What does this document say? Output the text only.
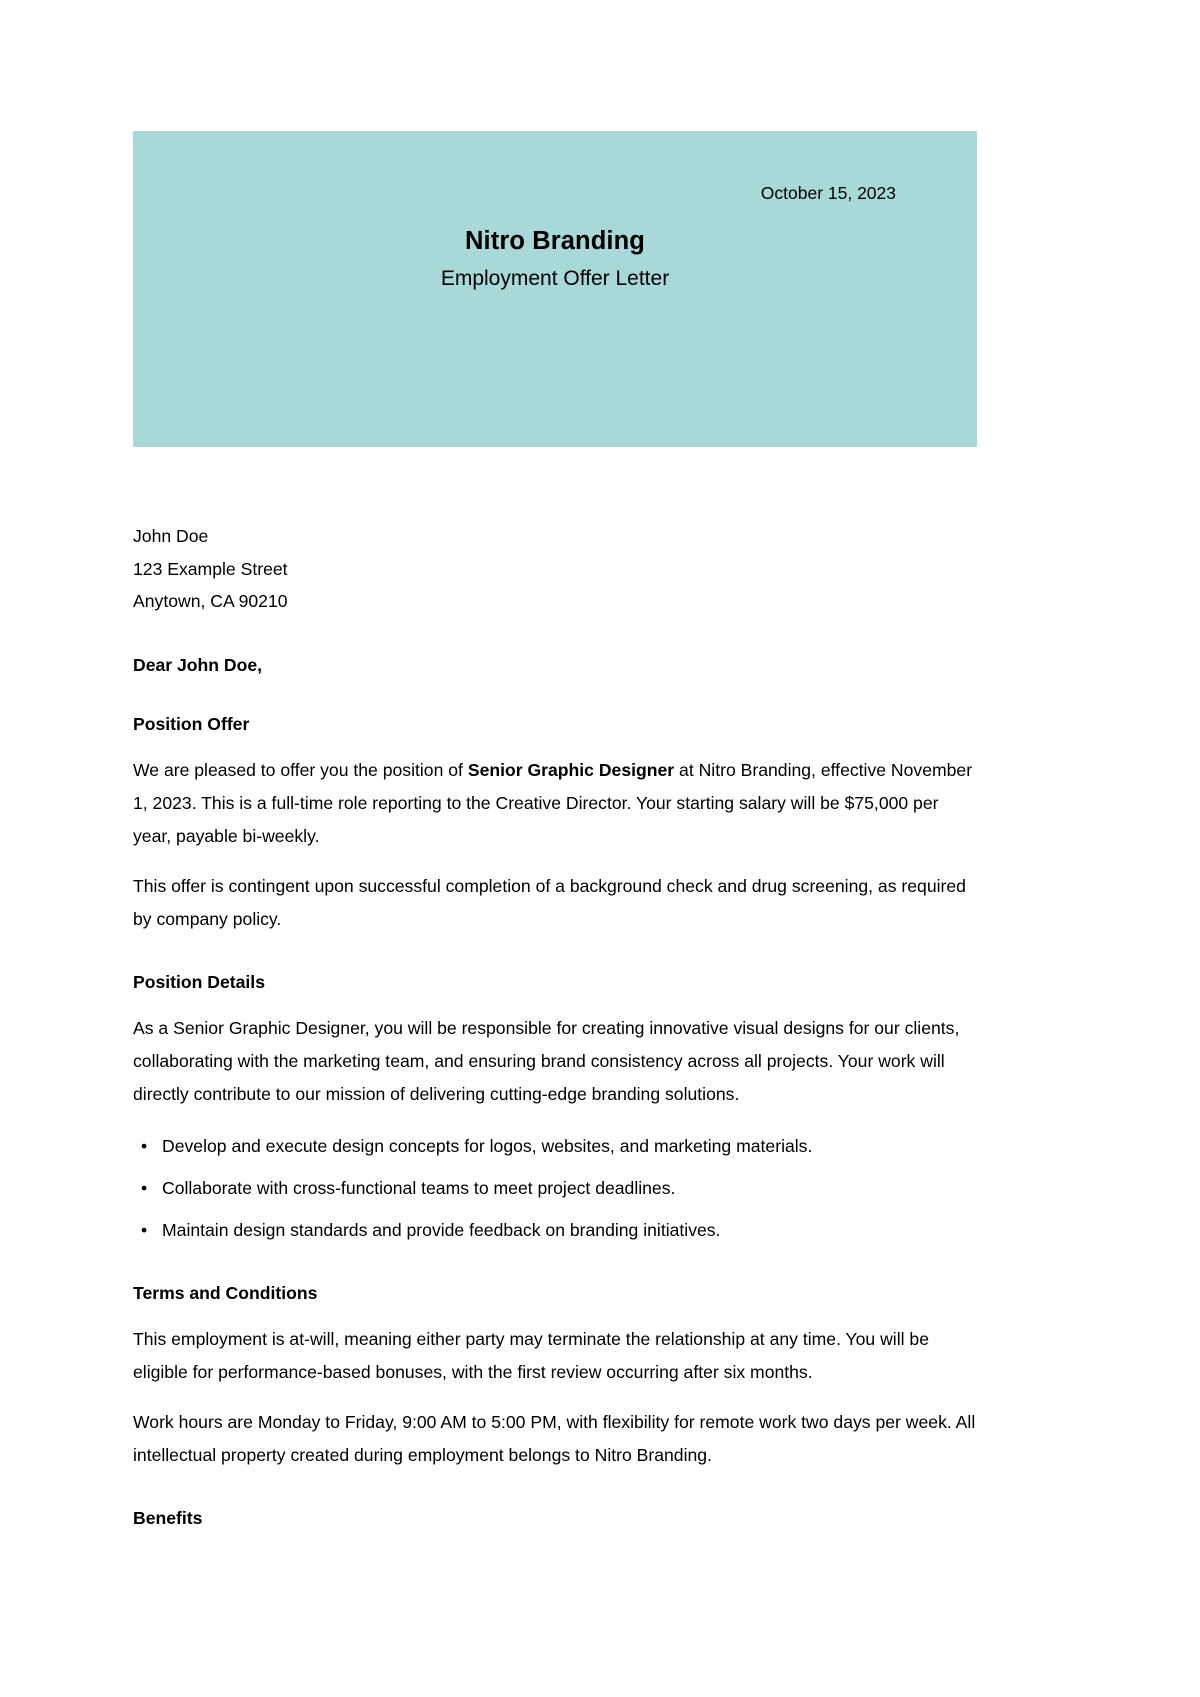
October 15, 2023
Nitro Branding
Employment Offer Letter
John Doe
123 Example Street
Anytown, CA 90210
Dear John Doe,
Position Offer
We are pleased to offer you the position of Senior Graphic Designer at Nitro Branding, effective November 1, 2023. This is a full-time role reporting to the Creative Director. Your starting salary will be $75,000 per year, payable bi-weekly.
This offer is contingent upon successful completion of a background check and drug screening, as required by company policy.
Position Details
As a Senior Graphic Designer, you will be responsible for creating innovative visual designs for our clients, collaborating with the marketing team, and ensuring brand consistency across all projects. Your work will directly contribute to our mission of delivering cutting-edge branding solutions.
• Develop and execute design concepts for logos, websites, and marketing materials.
• Collaborate with cross-functional teams to meet project deadlines.
• Maintain design standards and provide feedback on branding initiatives.
Terms and Conditions
This employment is at-will, meaning either party may terminate the relationship at any time. You will be eligible for performance-based bonuses, with the first review occurring after six months.
Work hours are Monday to Friday, 9:00 AM to 5:00 PM, with flexibility for remote work two days per week. All intellectual property created during employment belongs to Nitro Branding.
Benefits
